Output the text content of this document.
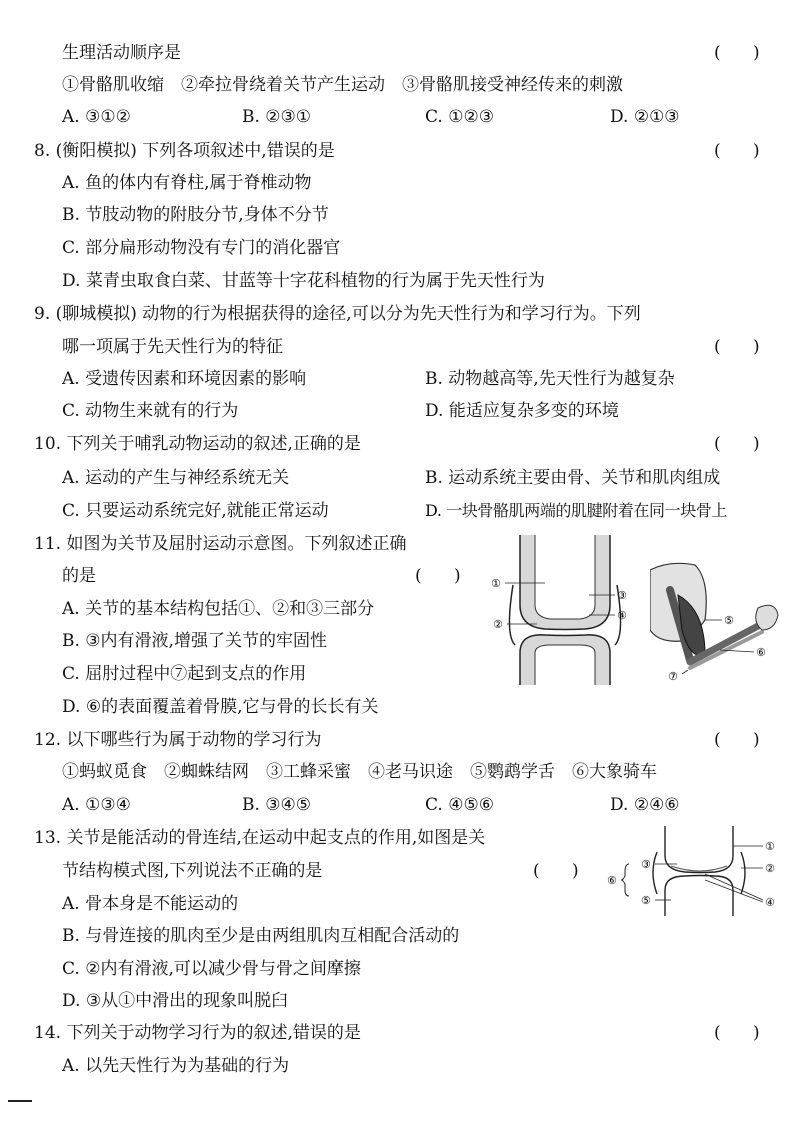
生理活动顺序是	(      )
①骨骼肌收缩　②牵拉骨绕着关节产生运动　③骨骼肌接受神经传来的刺激
A. ③①②	B. ②③①	C. ①②③	D. ②①③
8. (衡阳模拟) 下列各项叙述中,错误的是	(      )
A. 鱼的体内有脊柱,属于脊椎动物
B. 节肢动物的附肢分节,身体不分节
C. 部分扁形动物没有专门的消化器官
D. 菜青虫取食白菜、甘蓝等十字花科植物的行为属于先天性行为
9. (聊城模拟) 动物的行为根据获得的途径,可以分为先天性行为和学习行为。下列
哪一项属于先天性行为的特征	(      )
A. 受遗传因素和环境因素的影响	B. 动物越高等,先天性行为越复杂
C. 动物生来就有的行为	D. 能适应复杂多变的环境
10. 下列关于哺乳动物运动的叙述,正确的是	(      )
A. 运动的产生与神经系统无关	B. 运动系统主要由骨、关节和肌肉组成
C. 只要运动系统完好,就能正常运动	D. 一块骨骼肌两端的肌腱附着在同一块骨上
11. 如图为关节及屈肘运动示意图。下列叙述正确
的是	(      )
A. 关节的基本结构包括①、②和③三部分
B. ③内有滑液,增强了关节的牢固性
C. 屈肘过程中⑦起到支点的作用
D. ⑥的表面覆盖着骨膜,它与骨的长长有关
①
②
③
④	⑤
⑥
⑦
12. 以下哪些行为属于动物的学习行为	(      )
①蚂蚁觅食　②蜘蛛结网　③工蜂采蜜　④老马识途　⑤鹦鹉学舌　⑥大象骑车
A. ①③④	B. ③④⑤	C. ④⑤⑥	D. ②④⑥
13. 关节是能活动的骨连结,在运动中起支点的作用,如图是关
节结构模式图,下列说法不正确的是	(      )
A. 骨本身是不能运动的
B. 与骨连接的肌肉至少是由两组肌肉互相配合活动的
C. ②内有滑液,可以减少骨与骨之间摩擦
D. ③从①中滑出的现象叫脱臼
①
②
③
④
⑤
⑥
14. 下列关于动物学习行为的叙述,错误的是	(      )
A. 以先天性行为为基础的行为
